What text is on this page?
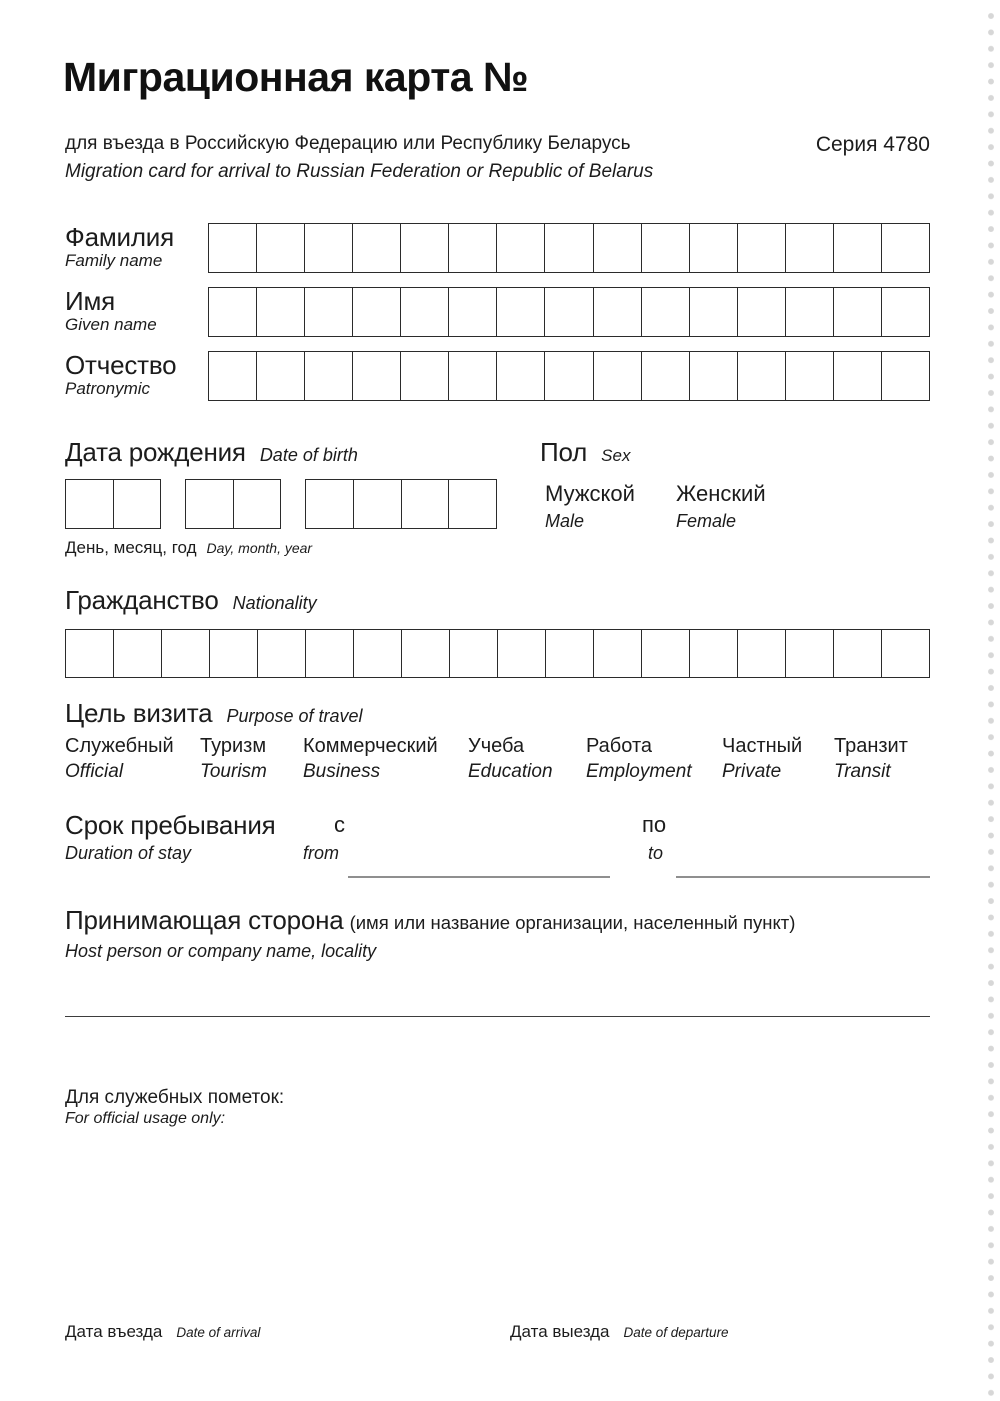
Миграционная карта №
для въезда в Российскую Федерацию или Республику Беларусь
Migration card for arrival to Russian Federation or Republic of Belarus
Серия 4780
Фамилия
Family name
Имя
Given name
Отчество
Patronymic
Дата рождения Date of birth
День, месяц, год Day, month, year
Пол Sex
Мужской
Male
Женский
Female
Гражданство Nationality
Цель визита Purpose of travel
Служебный
Official
Туризм
Tourism
Коммерческий
Business
Учеба
Education
Работа
Employment
Частный
Private
Транзит
Transit
Срок пребывания
Duration of stay
с
from
по
to
Принимающая сторона (имя или название организации, населенный пункт)
Host person or company name, locality
Для служебных пометок:
For official usage only:
Дата въезда Date of arrival	Дата выезда Date of departure
